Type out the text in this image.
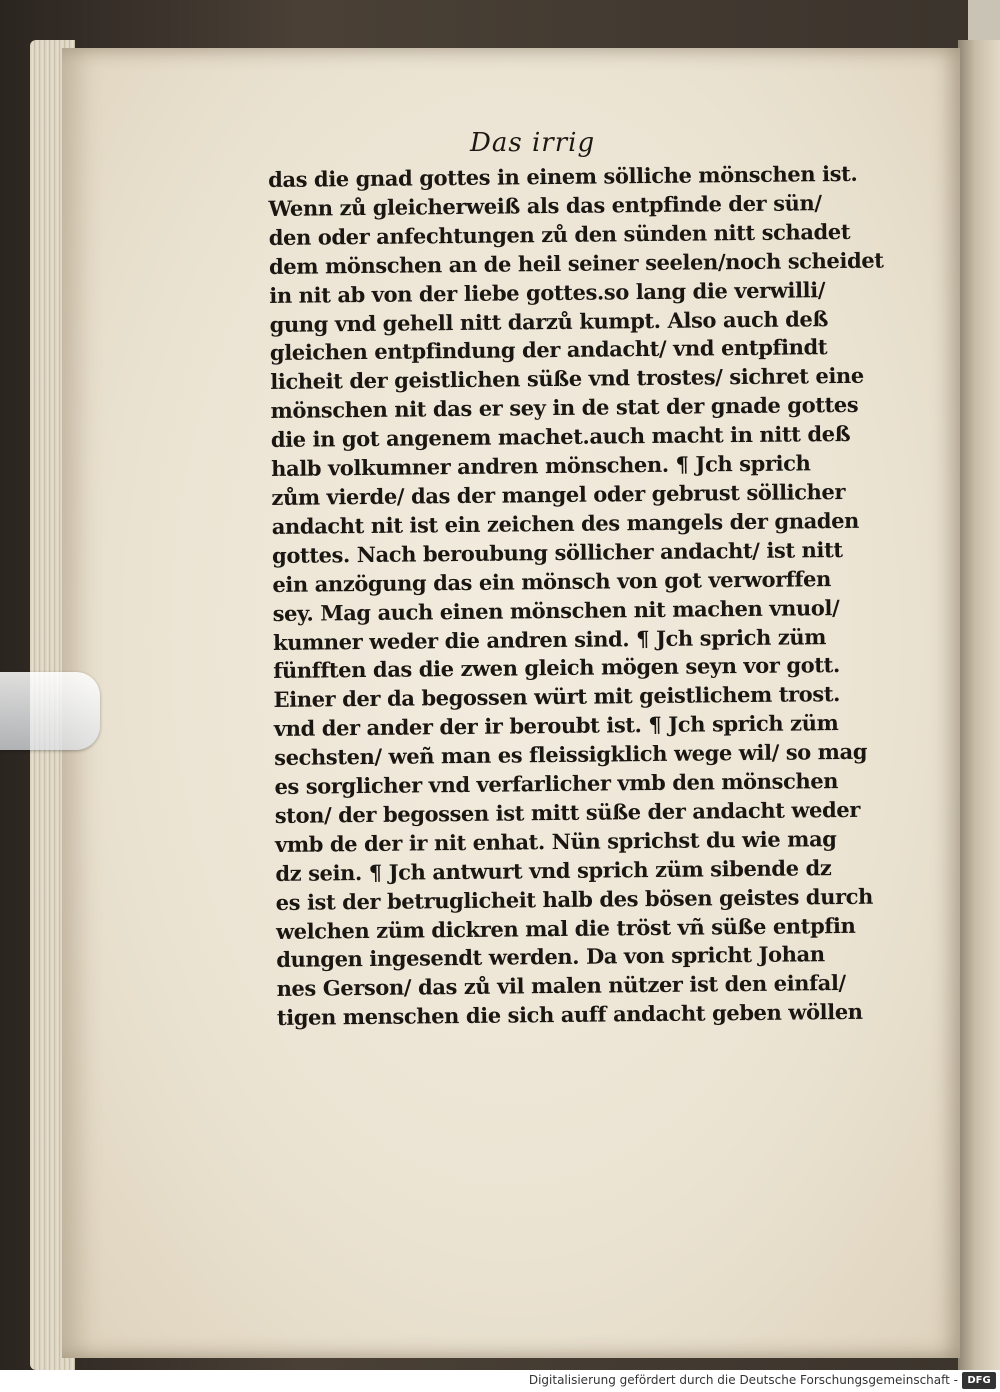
Das irrig
das die gnad gottes in einem sölliche mönschen ist.
Wenn zů gleicherweiß als das entpfinde der sün/
den oder anfechtungen zů den sünden nitt schadet
dem mönschen an de heil seiner seelen/noch scheidet
in nit ab von der liebe gottes.so lang die verwilli/
gung vnd gehell nitt darzů kumpt. Also auch deß
gleichen entpfindung der andacht/ vnd entpfindt
licheit der geistlichen süße vnd trostes/ sichret eine
mönschen nit das er sey in de stat der gnade gottes
die in got angenem machet.auch macht in nitt deß
halb volkumner andren mönschen. ¶ Jch sprich
zům vierde/ das der mangel oder gebrust söllicher
andacht nit ist ein zeichen des mangels der gnaden
gottes. Nach beroubung söllicher andacht/ ist nitt
ein anzögung das ein mönsch von got verworffen
sey. Mag auch einen mönschen nit machen vnuol/
kumner weder die andren sind. ¶ Jch sprich züm
fünfften das die zwen gleich mögen seyn vor gott.
Einer der da begossen würt mit geistlichem trost.
vnd der ander der ir beroubt ist. ¶ Jch sprich züm
sechsten/ weñ man es fleissigklich wege wil/ so mag
es sorglicher vnd verfarlicher vmb den mönschen
ston/ der begossen ist mitt süße der andacht weder
vmb de der ir nit enhat. Nün sprichst du wie mag
dz sein. ¶ Jch antwurt vnd sprich züm sibende dz
es ist der betruglicheit halb des bösen geistes durch
welchen züm dickren mal die tröst vñ süße entpfin
dungen ingesendt werden. Da von spricht Johan
nes Gerson/ das zů vil malen nützer ist den einfal/
tigen menschen die sich auff andacht geben wöllen
Digitalisierung gefördert durch die Deutsche Forschungsgemeinschaft - DFG
